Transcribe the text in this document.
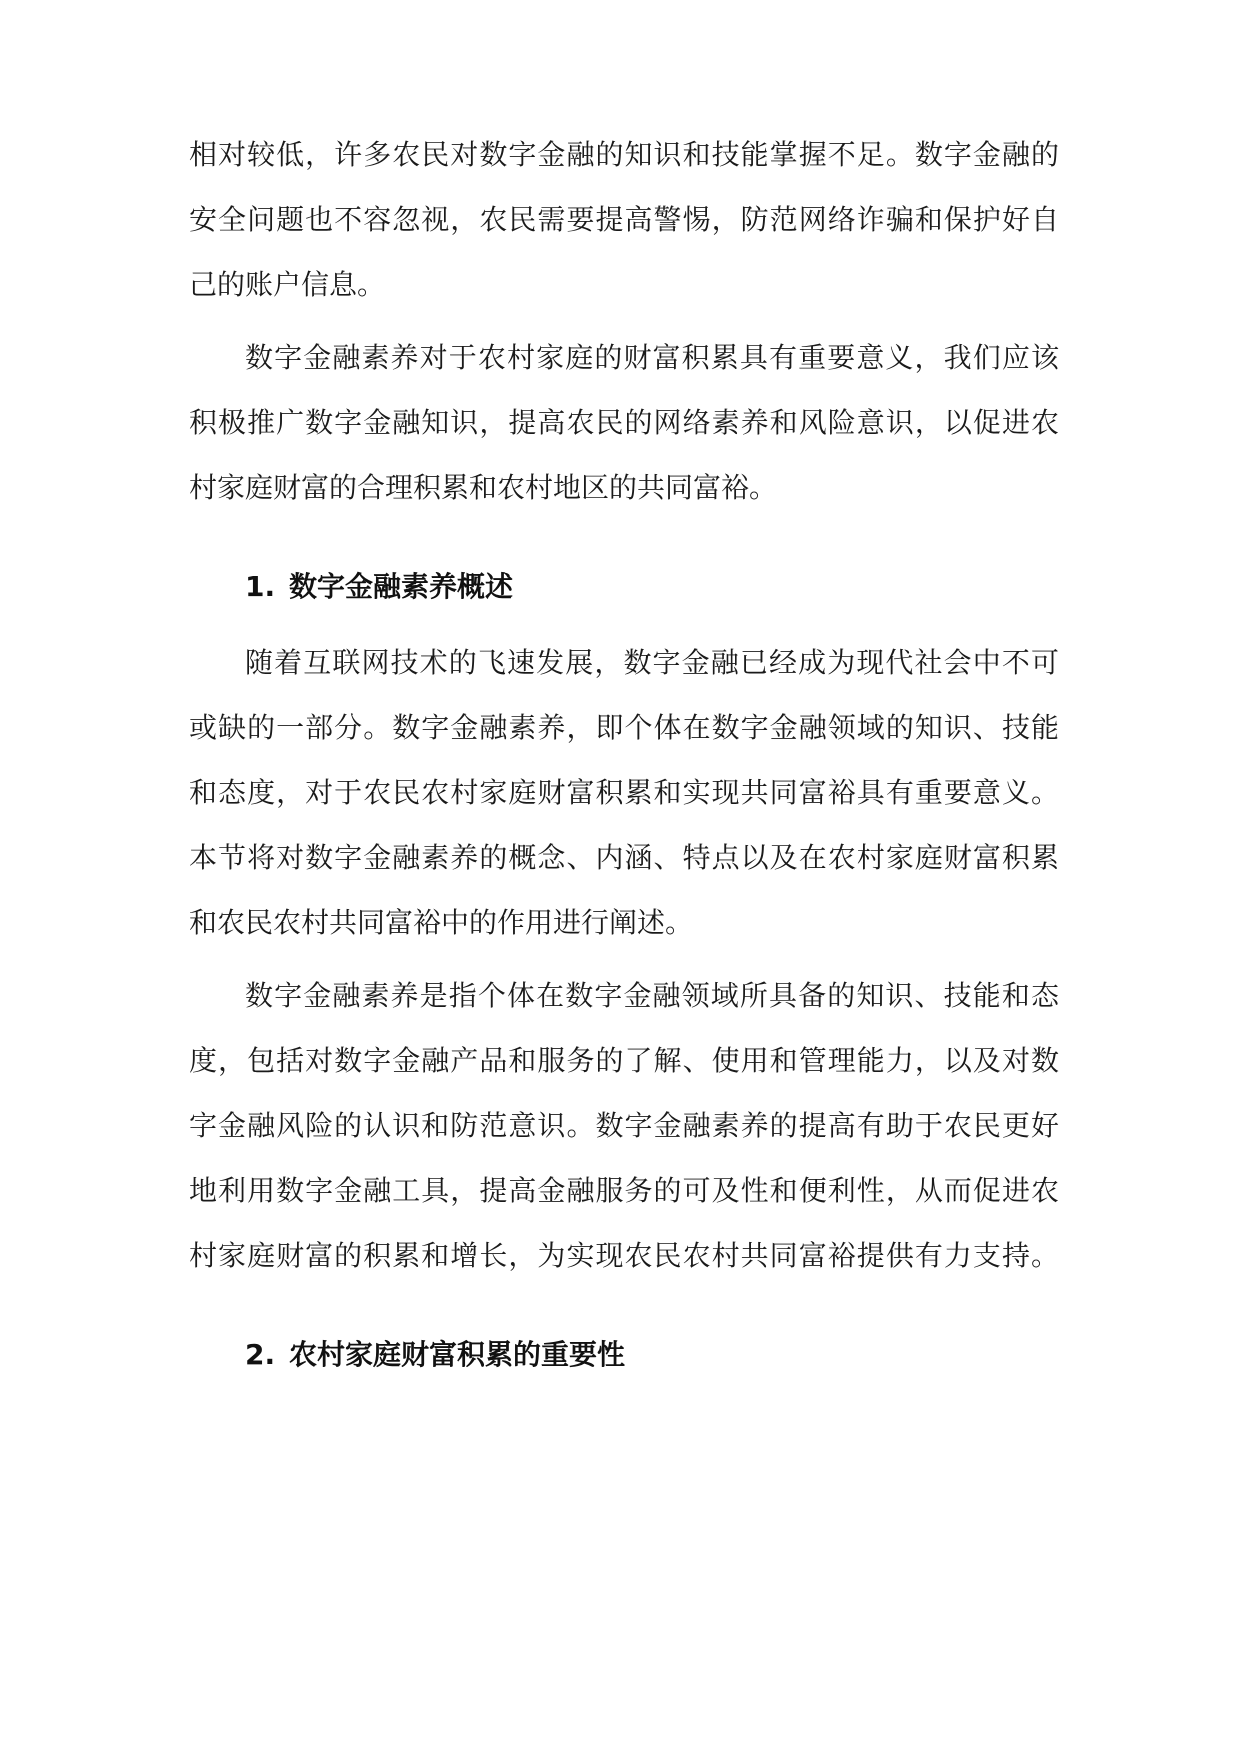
相对较低，许多农民对数字金融的知识和技能掌握不足。数字金融的
安全问题也不容忽视，农民需要提高警惕，防范网络诈骗和保护好自
己的账户信息。
数字金融素养对于农村家庭的财富积累具有重要意义，我们应该
积极推广数字金融知识，提高农民的网络素养和风险意识，以促进农
村家庭财富的合理积累和农村地区的共同富裕。
1. 数字金融素养概述
随着互联网技术的飞速发展，数字金融已经成为现代社会中不可
或缺的一部分。数字金融素养，即个体在数字金融领域的知识、技能
和态度，对于农民农村家庭财富积累和实现共同富裕具有重要意义。
本节将对数字金融素养的概念、内涵、特点以及在农村家庭财富积累
和农民农村共同富裕中的作用进行阐述。
数字金融素养是指个体在数字金融领域所具备的知识、技能和态
度，包括对数字金融产品和服务的了解、使用和管理能力，以及对数
字金融风险的认识和防范意识。数字金融素养的提高有助于农民更好
地利用数字金融工具，提高金融服务的可及性和便利性，从而促进农
村家庭财富的积累和增长，为实现农民农村共同富裕提供有力支持。
2. 农村家庭财富积累的重要性
